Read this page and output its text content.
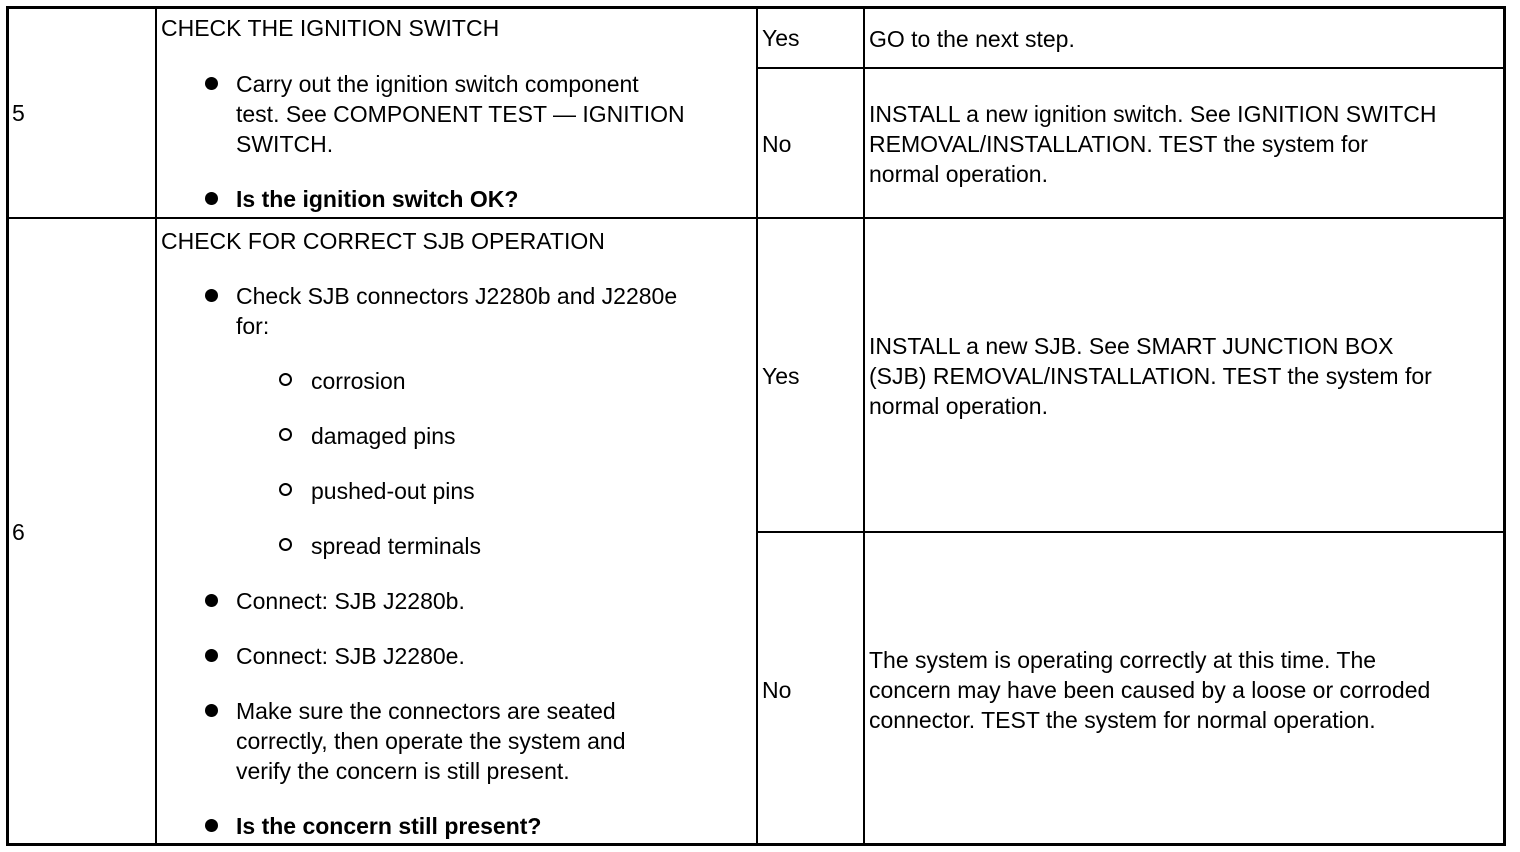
5
CHECK THE IGNITION SWITCH
Carry out the ignition switch component
test. See COMPONENT TEST — IGNITION
SWITCH.
Is the ignition switch OK?
Yes	GO to the next step.
No
INSTALL a new ignition switch. See IGNITION SWITCH
REMOVAL/INSTALLATION. TEST the system for
normal operation.
6
CHECK FOR CORRECT SJB OPERATION
Check SJB connectors J2280b and J2280e
for:
corrosion
damaged pins
pushed-out pins
spread terminals
Connect: SJB J2280b.
Connect: SJB J2280e.
Make sure the connectors are seated
correctly, then operate the system and
verify the concern is still present.
Is the concern still present?
Yes
INSTALL a new SJB. See SMART JUNCTION BOX
(SJB) REMOVAL/INSTALLATION. TEST the system for
normal operation.
No
The system is operating correctly at this time. The
concern may have been caused by a loose or corroded
connector. TEST the system for normal operation.
